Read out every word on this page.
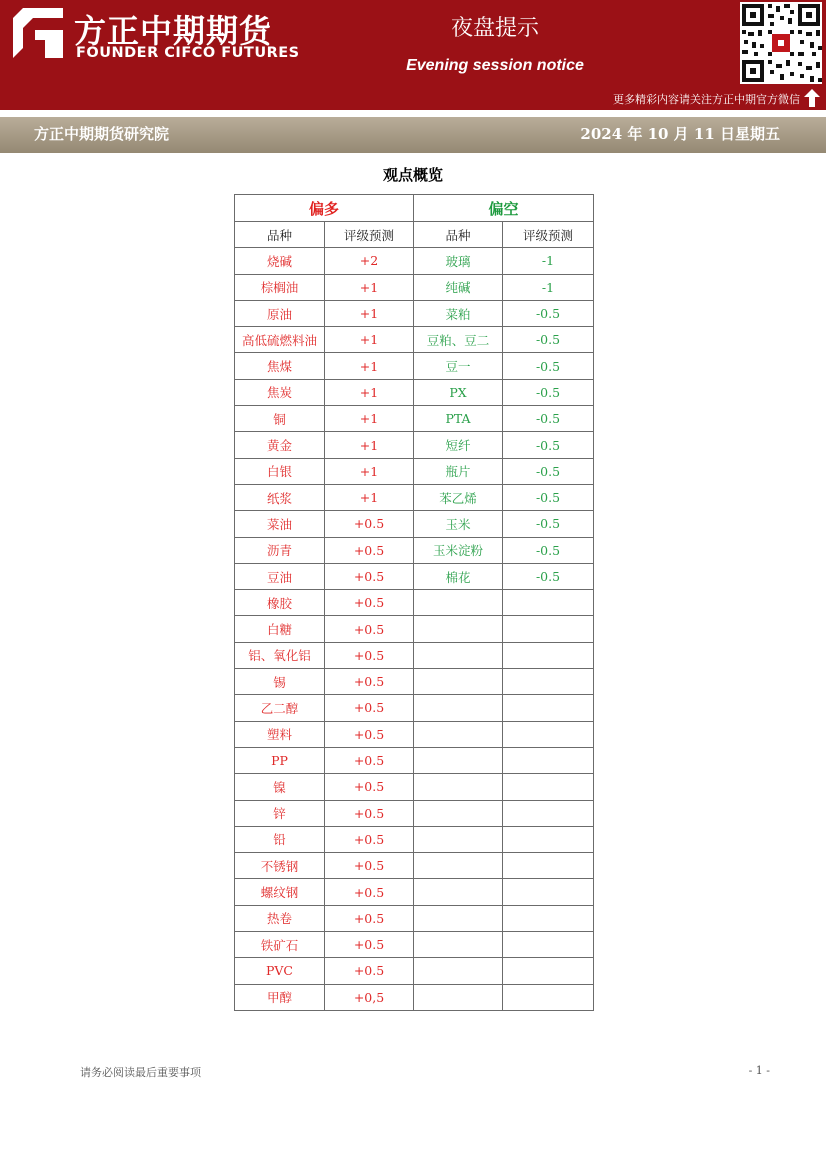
方正中期期货
FOUNDER CIFCO FUTURES
夜盘提示
Evening session notice
更多精彩内容请关注方正中期官方微信
方正中期期货研究院	2024 年 10 月 11 日星期五
观点概览
偏多		偏空	
品种	评级预测	品种	评级预测
烧碱	+2	玻璃	-1
棕榈油	+1	纯碱	-1
原油	+1	菜粕	-0.5
高低硫燃料油	+1	豆粕、豆二	-0.5
焦煤	+1	豆一	-0.5
焦炭	+1	PX	-0.5
铜	+1	PTA	-0.5
黄金	+1	短纤	-0.5
白银	+1	瓶片	-0.5
纸浆	+1	苯乙烯	-0.5
菜油	+0.5	玉米	-0.5
沥青	+0.5	玉米淀粉	-0.5
豆油	+0.5	棉花	-0.5
橡胶	+0.5		
白糖	+0.5		
铝、氧化铝	+0.5		
锡	+0.5		
乙二醇	+0.5		
塑料	+0.5		
PP	+0.5		
镍	+0.5		
锌	+0.5		
铅	+0.5		
不锈钢	+0.5		
螺纹钢	+0.5		
热卷	+0.5		
铁矿石	+0.5		
PVC	+0.5		
甲醇	+0,5		
请务必阅读最后重要事项	- 1 -
